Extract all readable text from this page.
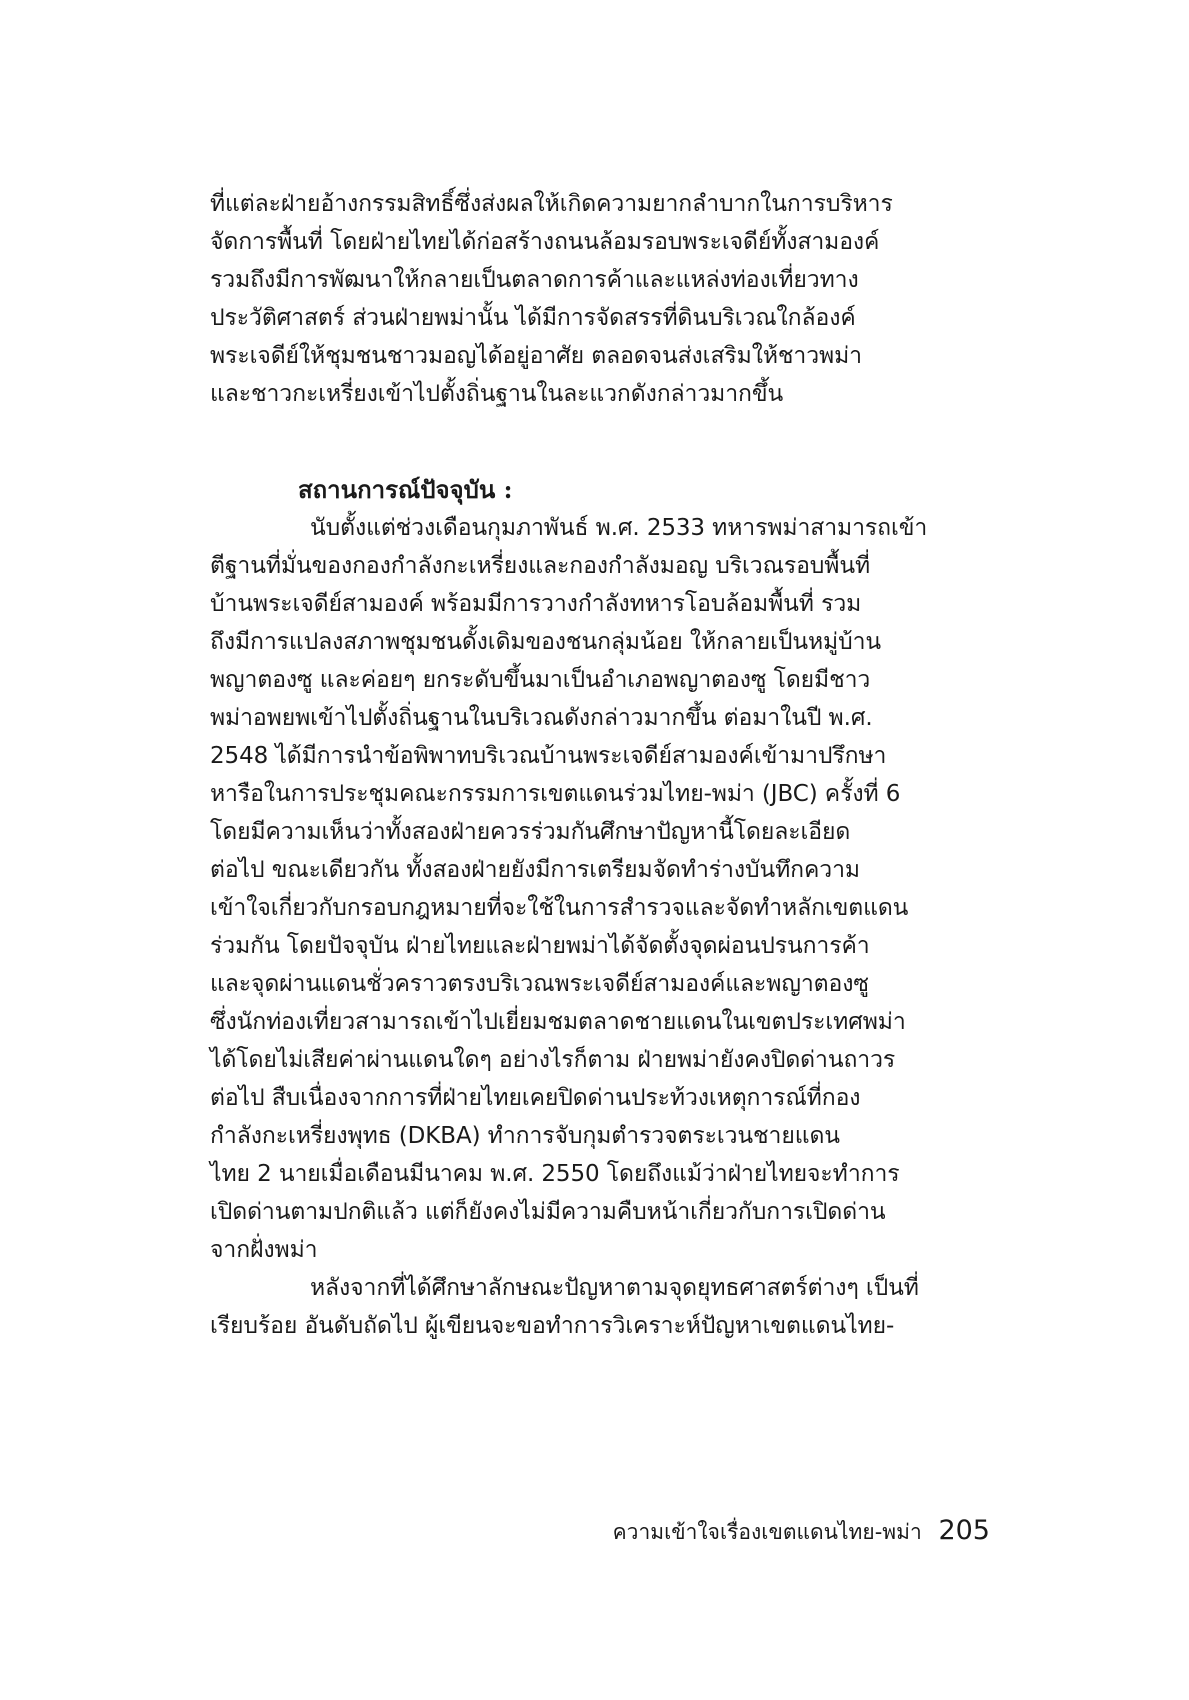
ที่แต่ละฝ่ายอ้างกรรมสิทธิ์ซึ่งส่งผลให้เกิดความยากลำบากในการบริหาร
จัดการพื้นที่ โดยฝ่ายไทยได้ก่อสร้างถนนล้อมรอบพระเจดีย์ทั้งสามองค์
รวมถึงมีการพัฒนาให้กลายเป็นตลาดการค้าและแหล่งท่องเที่ยวทาง
ประวัติศาสตร์ ส่วนฝ่ายพม่านั้น ได้มีการจัดสรรที่ดินบริเวณใกล้องค์
พระเจดีย์ให้ชุมชนชาวมอญได้อยู่อาศัย ตลอดจนส่งเสริมให้ชาวพม่า
และชาวกะเหรี่ยงเข้าไปตั้งถิ่นฐานในละแวกดังกล่าวมากขึ้น
สถานการณ์ปัจจุบัน :
นับตั้งแต่ช่วงเดือนกุมภาพันธ์ พ.ศ. 2533 ทหารพม่าสามารถเข้า
ตีฐานที่มั่นของกองกำลังกะเหรี่ยงและกองกำลังมอญ บริเวณรอบพื้นที่
บ้านพระเจดีย์สามองค์ พร้อมมีการวางกำลังทหารโอบล้อมพื้นที่ รวม
ถึงมีการแปลงสภาพชุมชนดั้งเดิมของชนกลุ่มน้อย ให้กลายเป็นหมู่บ้าน
พญาตองซู และค่อยๆ ยกระดับขึ้นมาเป็นอำเภอพญาตองซู โดยมีชาว
พม่าอพยพเข้าไปตั้งถิ่นฐานในบริเวณดังกล่าวมากขึ้น ต่อมาในปี พ.ศ.
2548 ได้มีการนำข้อพิพาทบริเวณบ้านพระเจดีย์สามองค์เข้ามาปรึกษา
หารือในการประชุมคณะกรรมการเขตแดนร่วมไทย-พม่า (JBC) ครั้งที่ 6
โดยมีความเห็นว่าทั้งสองฝ่ายควรร่วมกันศึกษาปัญหานี้โดยละเอียด
ต่อไป ขณะเดียวกัน ทั้งสองฝ่ายยังมีการเตรียมจัดทำร่างบันทึกความ
เข้าใจเกี่ยวกับกรอบกฎหมายที่จะใช้ในการสำรวจและจัดทำหลักเขตแดน
ร่วมกัน โดยปัจจุบัน ฝ่ายไทยและฝ่ายพม่าได้จัดตั้งจุดผ่อนปรนการค้า
และจุดผ่านแดนชั่วคราวตรงบริเวณพระเจดีย์สามองค์และพญาตองซู
ซึ่งนักท่องเที่ยวสามารถเข้าไปเยี่ยมชมตลาดชายแดนในเขตประเทศพม่า
ได้โดยไม่เสียค่าผ่านแดนใดๆ อย่างไรก็ตาม ฝ่ายพม่ายังคงปิดด่านถาวร
ต่อไป สืบเนื่องจากการที่ฝ่ายไทยเคยปิดด่านประท้วงเหตุการณ์ที่กอง
กำลังกะเหรี่ยงพุทธ (DKBA) ทำการจับกุมตำรวจตระเวนชายแดน
ไทย 2 นายเมื่อเดือนมีนาคม พ.ศ. 2550 โดยถึงแม้ว่าฝ่ายไทยจะทำการ
เปิดด่านตามปกติแล้ว แต่ก็ยังคงไม่มีความคืบหน้าเกี่ยวกับการเปิดด่าน
จากฝั่งพม่า
หลังจากที่ได้ศึกษาลักษณะปัญหาตามจุดยุทธศาสตร์ต่างๆ เป็นที่
เรียบร้อย อันดับถัดไป ผู้เขียนจะขอทำการวิเคราะห์ปัญหาเขตแดนไทย-
ความเข้าใจเรื่องเขตแดนไทย-พม่า 205
